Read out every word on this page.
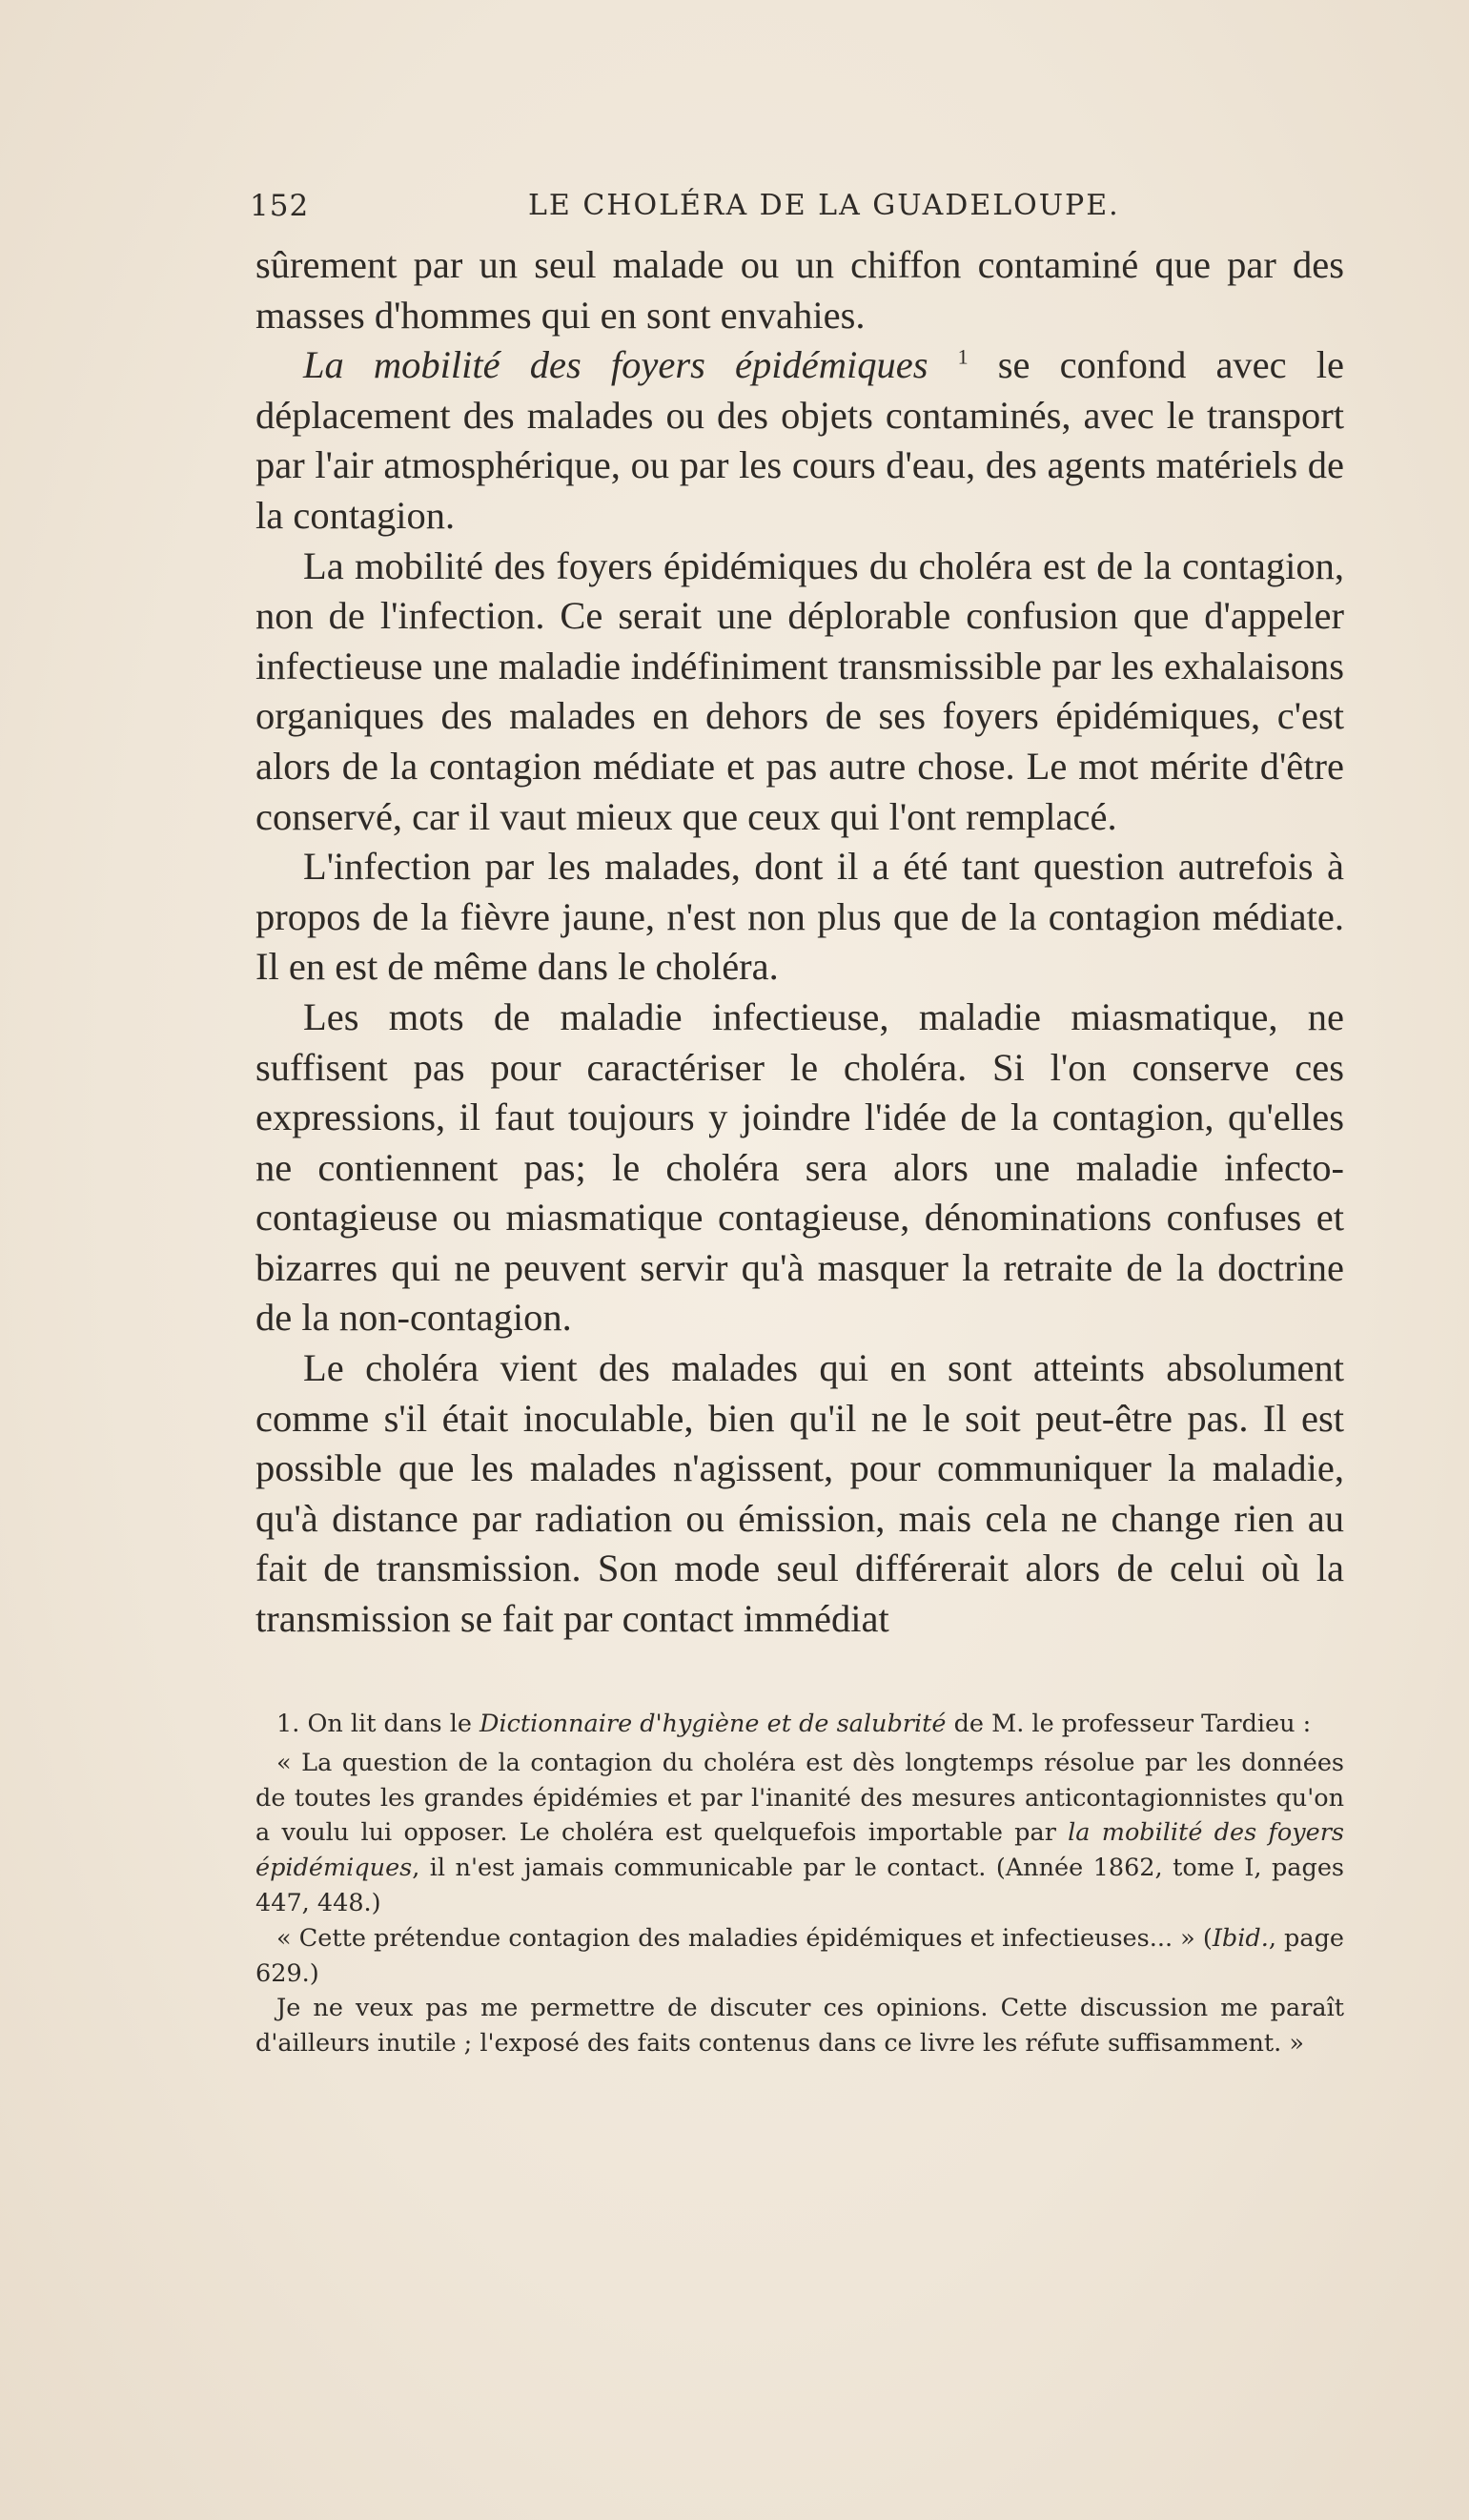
152	LE CHOLÉRA DE LA GUADELOUPE.

sûrement par un seul malade ou un chiffon contaminé que par des masses d'hommes qui en sont envahies.

La mobilité des foyers épidémiques $^1$ se confond avec le déplacement des malades ou des objets contaminés, avec le transport par l'air atmosphérique, ou par les cours d'eau, des agents matériels de la contagion.

La mobilité des foyers épidémiques du choléra est de la contagion, non de l'infection. Ce serait une déplorable confusion que d'appeler infectieuse une maladie indéfiniment transmissible par les exhalaisons organiques des malades en dehors de ses foyers épidémiques, c'est alors de la contagion médiate et pas autre chose. Le mot mérite d'être conservé, car il vaut mieux que ceux qui l'ont remplacé.

L'infection par les malades, dont il a été tant question autrefois à propos de la fièvre jaune, n'est non plus que de la contagion médiate. Il en est de même dans le choléra.

Les mots de maladie infectieuse, maladie miasmatique, ne suffisent pas pour caractériser le choléra. Si l'on conserve ces expressions, il faut toujours y joindre l'idée de la contagion, qu'elles ne contiennent pas; le choléra sera alors une maladie infecto-contagieuse ou miasmatique contagieuse, dénominations confuses et bizarres qui ne peuvent servir qu'à masquer la retraite de la doctrine de la non-contagion.

Le choléra vient des malades qui en sont atteints absolument comme s'il était inoculable, bien qu'il ne le soit peut-être pas. Il est possible que les malades n'agissent, pour communiquer la maladie, qu'à distance par radiation ou émission, mais cela ne change rien au fait de transmission. Son mode seul différerait alors de celui où la transmission se fait par contact immédiat

1. On lit dans le Dictionnaire d'hygiène et de salubrité de M. le professeur Tardieu :

« La question de la contagion du choléra est dès longtemps résolue par les données de toutes les grandes épidémies et par l'inanité des mesures anticontagionnistes qu'on a voulu lui opposer. Le choléra est quelquefois importable par la mobilité des foyers épidémiques, il n'est jamais communicable par le contact. (Année 1862, tome I, pages 447, 448.)

« Cette prétendue contagion des maladies épidémiques et infectieuses... » (Ibid., page 629.)

Je ne veux pas me permettre de discuter ces opinions. Cette discussion me paraît d'ailleurs inutile ; l'exposé des faits contenus dans ce livre les réfute suffisamment. »
